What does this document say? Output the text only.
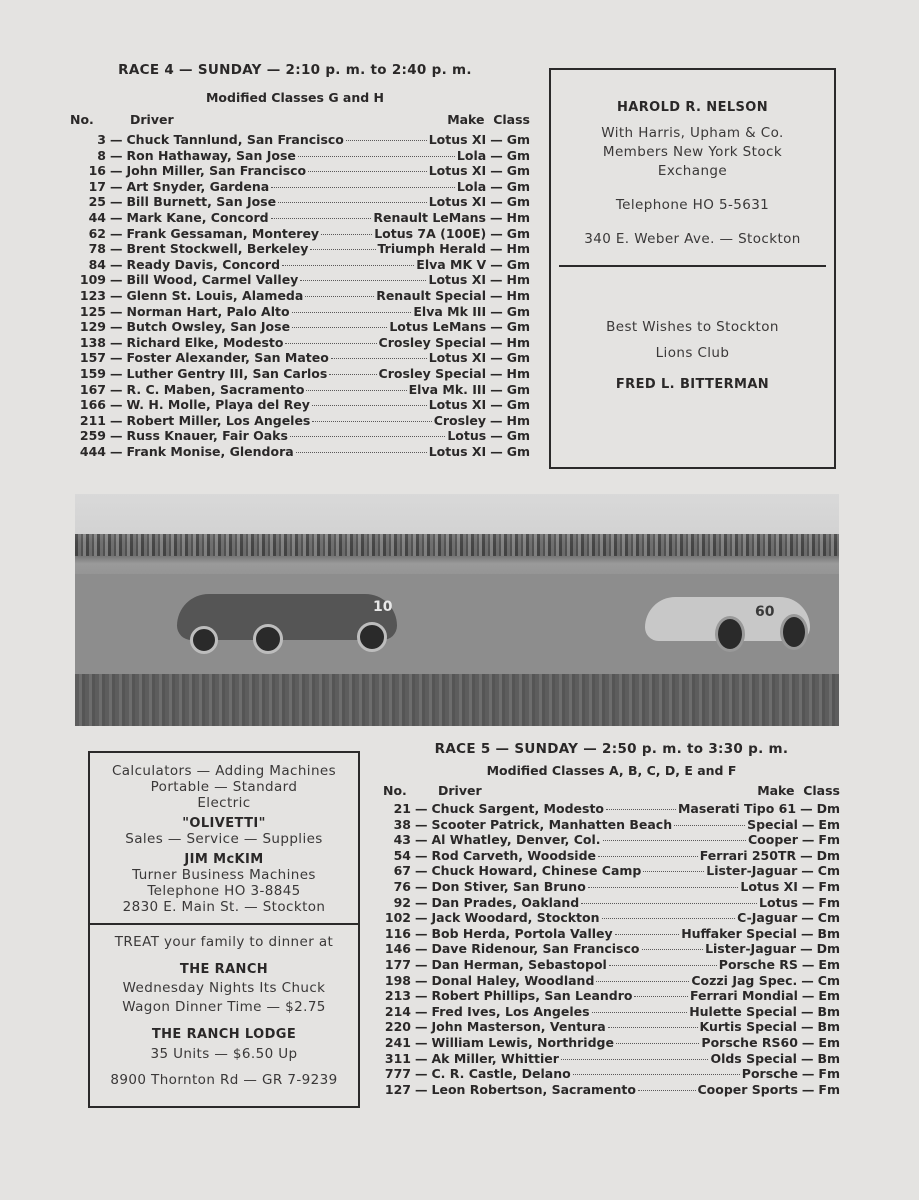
RACE 4 — SUNDAY — 2:10 p. m. to 2:40 p. m.
Modified Classes G and H
No.	Driver	Make  Class
3 — Chuck Tannlund, San Francisco	Lotus XI — Gm
8 — Ron Hathaway, San Jose	Lola — Gm
16 — John Miller, San Francisco	Lotus XI — Gm
17 — Art Snyder, Gardena	Lola — Gm
25 — Bill Burnett, San Jose	Lotus XI — Gm
44 — Mark Kane, Concord	Renault LeMans — Hm
62 — Frank Gessaman, Monterey	Lotus 7A (100E) — Gm
78 — Brent Stockwell, Berkeley	Triumph Herald — Hm
84 — Ready Davis, Concord	Elva MK V — Gm
109 — Bill Wood, Carmel Valley	Lotus XI — Hm
123 — Glenn St. Louis, Alameda	Renault Special — Hm
125 — Norman Hart, Palo Alto	Elva Mk III — Gm
129 — Butch Owsley, San Jose	Lotus LeMans — Gm
138 — Richard Elke, Modesto	Crosley Special — Hm
157 — Foster Alexander, San Mateo	Lotus XI — Gm
159 — Luther Gentry III, San Carlos	Crosley Special — Hm
167 — R. C. Maben, Sacramento	Elva Mk. III — Gm
166 — W. H. Molle, Playa del Rey	Lotus XI — Gm
211 — Robert Miller, Los Angeles	Crosley — Hm
259 — Russ Knauer, Fair Oaks	Lotus — Gm
444 — Frank Monise, Glendora	Lotus XI — Gm
HAROLD R. NELSON
With Harris, Upham & Co.
Members New York Stock
Exchange
Telephone HO 5-5631
340 E. Weber Ave. — Stockton
Best Wishes to Stockton
Lions Club
FRED L. BITTERMAN
10	60
Calculators — Adding Machines
Portable — Standard
Electric
"OLIVETTI"
Sales — Service — Supplies
JIM McKIM
Turner Business Machines
Telephone HO 3-8845
2830 E. Main St. — Stockton
TREAT your family to dinner at
THE RANCH
Wednesday Nights Its Chuck
Wagon Dinner Time — $2.75
THE RANCH LODGE
35 Units — $6.50 Up
8900 Thornton Rd — GR 7-9239
RACE 5 — SUNDAY — 2:50 p. m. to 3:30 p. m.
Modified Classes A, B, C, D, E and F
No. Driver	Make  Class
21 — Chuck Sargent, Modesto	Maserati Tipo 61 — Dm
38 — Scooter Patrick, Manhatten Beach	Special — Em
43 — Al Whatley, Denver, Col.	Cooper — Fm
54 — Rod Carveth, Woodside	Ferrari 250TR — Dm
67 — Chuck Howard, Chinese Camp	Lister-Jaguar — Cm
76 — Don Stiver, San Bruno	Lotus XI — Fm
92 — Dan Prades, Oakland	Lotus — Fm
102 — Jack Woodard, Stockton	C-Jaguar — Cm
116 — Bob Herda, Portola Valley	Huffaker Special — Bm
146 — Dave Ridenour, San Francisco	Lister-Jaguar — Dm
177 — Dan Herman, Sebastopol	Porsche RS — Em
198 — Donal Haley, Woodland	Cozzi Jag Spec. — Cm
213 — Robert Phillips, San Leandro	Ferrari Mondial — Em
214 — Fred Ives, Los Angeles	Hulette Special — Bm
220 — John Masterson, Ventura	Kurtis Special — Bm
241 — William Lewis, Northridge	Porsche RS60 — Em
311 — Ak Miller, Whittier	Olds Special — Bm
777 — C. R. Castle, Delano	Porsche — Fm
127 — Leon Robertson, Sacramento	Cooper Sports — Fm
